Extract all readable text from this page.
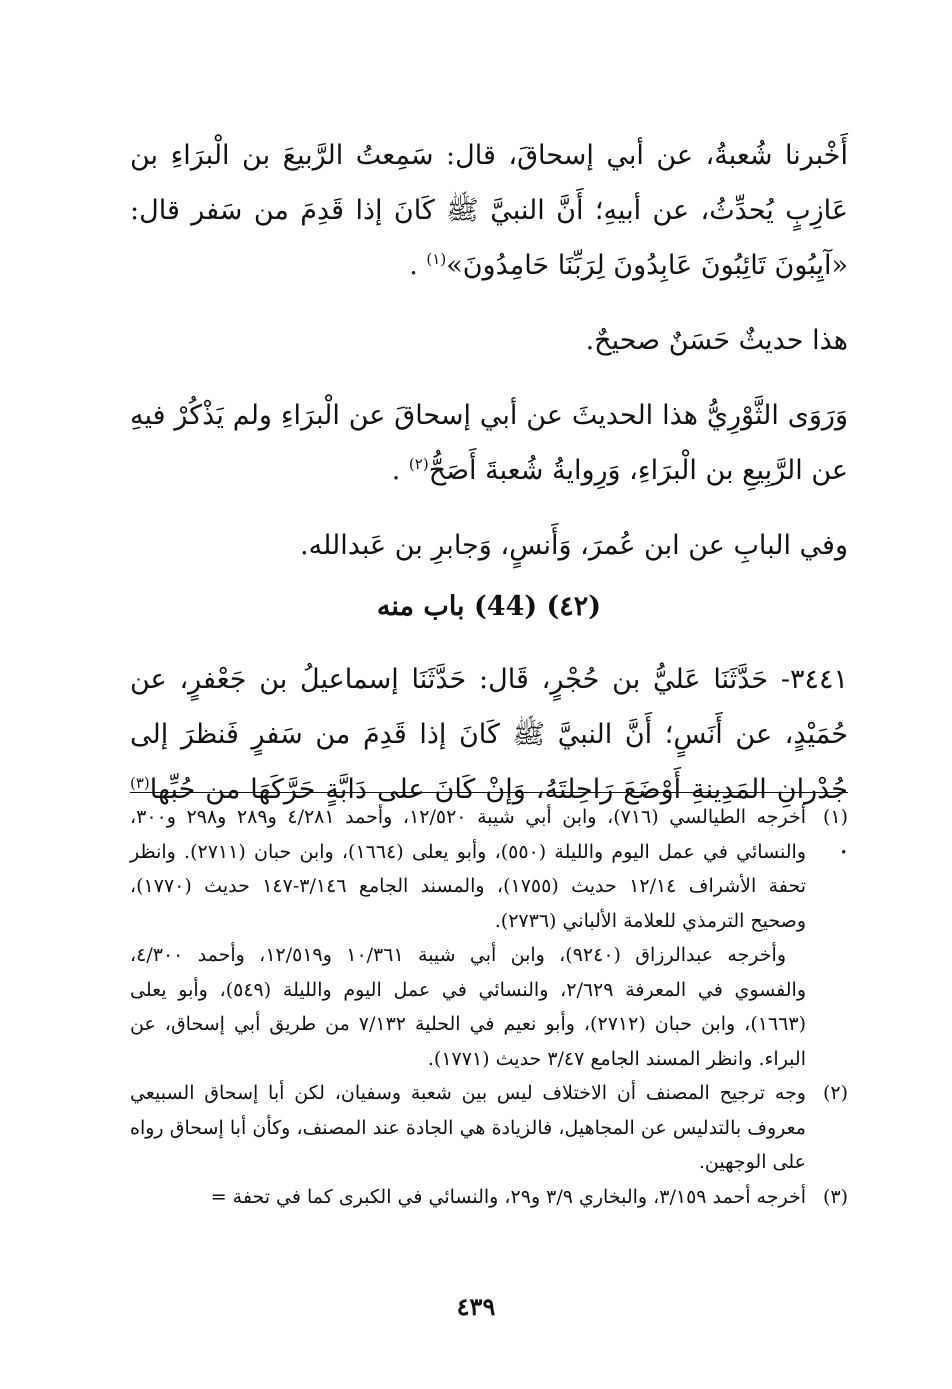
أَخْبرنا شُعبةُ، عن أبي إسحاقَ، قال: سَمِعتُ الرَّبيعَ بن الْبرَاءِ بن عَازِبٍ يُحدِّثُ، عن أبيهِ؛ أَنَّ النبيَّ ﷺ كَانَ إذا قَدِمَ من سَفر قال: «آيِبُونَ تَائِبُونَ عَابِدُونَ لِرَبِّنَا حَامِدُونَ»$^{(١)}$ .

هذا حديثٌ حَسَنٌ صحيحٌ.

وَرَوَى الثَّوْرِيُّ هذا الحديثَ عن أبي إسحاقَ عن الْبرَاءِ ولم يَذْكُرْ فيهِ عن الرَّبِيعِ بن الْبرَاءِ، وَرِوايةُ شُعبةَ أَصَحُّ$^{(٢)}$ .

وفي البابِ عن ابن عُمرَ، وَأَنسٍ، وَجابرِ بن عَبدالله.

(٤٢) (44) باب منه

٣٤٤١- حَدَّثَنَا عَليُّ بن حُجْرٍ، قَال: حَدَّثَنَا إسماعيلُ بن جَعْفرٍ، عن حُمَيْدٍ، عن أَنَسٍ؛ أَنَّ النبيَّ ﷺ كَانَ إذا قَدِمَ من سَفرٍ فَنظرَ إلى جُدْرانِ المَدِينةِ أَوْضَعَ رَاحِلتَهُ، وَإنْ كَانَ على دَابَّةٍ حَرَّكَهَا من حُبِّها$^{(٣)}$ .

(١)
أخرجه الطيالسي (٧١٦)، وابن أبي شيبة ١٢/٥٢٠، وأحمد ٤/٢٨١ و٢٨٩ و٢٩٨ و٣٠٠، والنسائي في عمل اليوم والليلة (٥٥٠)، وأبو يعلى (١٦٦٤)، وابن حبان (٢٧١١). وانظر تحفة الأشراف ١٢/١٤ حديث (١٧٥٥)، والمسند الجامع ٣/١٤٦-١٤٧ حديث (١٧٧٠)، وصحيح الترمذي للعلامة الألباني (٢٧٣٦).
وأخرجه عبدالرزاق (٩٢٤٠)، وابن أبي شيبة ١٠/٣٦١ و١٢/٥١٩، وأحمد ٤/٣٠٠، والفسوي في المعرفة ٢/٦٢٩، والنسائي في عمل اليوم والليلة (٥٤٩)، وأبو يعلى (١٦٦٣)، وابن حبان (٢٧١٢)، وأبو نعيم في الحلية ٧/١٣٢ من طريق أبي إسحاق، عن البراء. وانظر المسند الجامع ٣/٤٧ حديث (١٧٧١).
(٢)
وجه ترجيح المصنف أن الاختلاف ليس بين شعبة وسفيان، لكن أبا إسحاق السبيعي معروف بالتدليس عن المجاهيل، فالزيادة هي الجادة عند المصنف، وكأن أبا إسحاق رواه على الوجهين.
(٣)
أخرجه أحمد ٣/١٥٩، والبخاري ٣/٩ و٢٩، والنسائي في الكبرى كما في تحفة =
٤٣٩
